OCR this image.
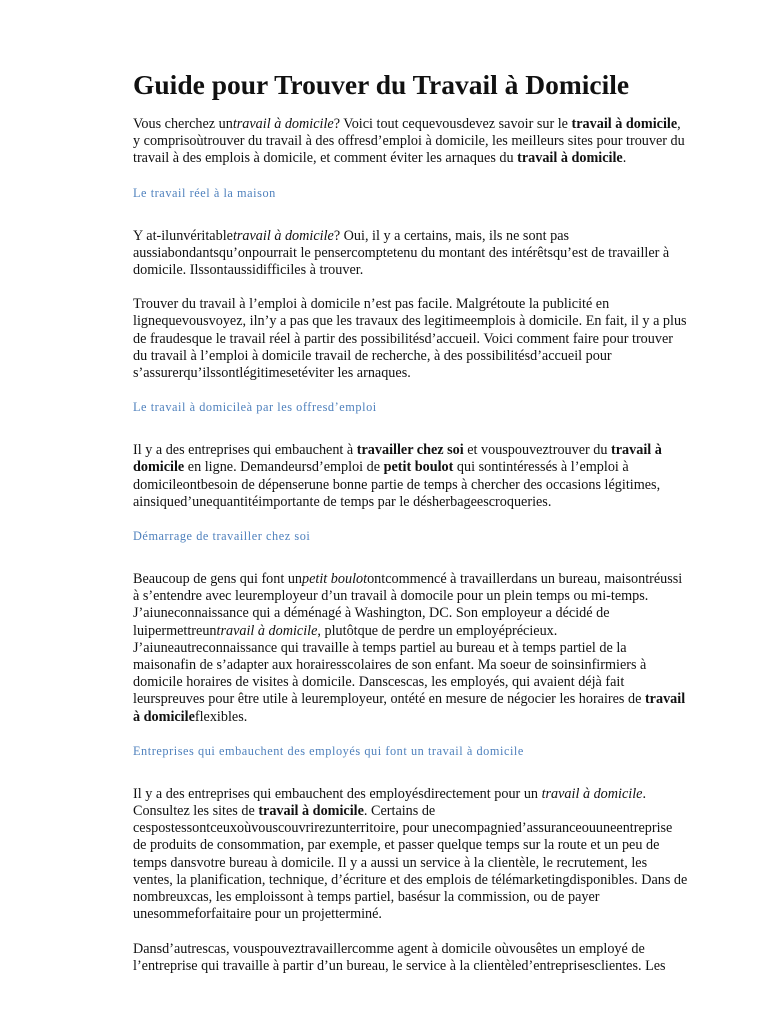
Guide pour Trouver du Travail à Domicile

Vous cherchez untravail à domicile? Voici tout cequevousdevez savoir sur le travail à domicile, y comprisoùtrouver du travail à des offresd’emploi à domicile, les meilleurs sites pour trouver du travail à des emplois à domicile, et comment éviter les arnaques du travail à domicile.

Le travail réel à la maison

Y at-ilunvéritabletravail à domicile? Oui, il y a certains, mais, ils ne sont pas aussiabondantsqu’onpourrait le pensercomptetenu du montant des intérêtsqu’est de travailler à domicile. Ilssontaussidifficiles à trouver.

Trouver du travail à l’emploi à domicile n’est pas facile. Malgrétoute la publicité en lignequevousvoyez, iln’y a pas que les travaux des legitimeemplois à domicile. En fait, il y a plus de fraudesque le travail réel à partir des possibilitésd’accueil. Voici comment faire pour trouver du travail à l’emploi à domicile travail de recherche, à des possibilitésd’accueil pour s’assurerqu’ilssontlégitimesetéviter les arnaques.

Le travail à domicileà par les offresd’emploi

Il y a des entreprises qui embauchent à travailler chez soi et vouspouveztrouver du travail à domicile en ligne. Demandeursd’emploi de petit boulot qui sontintéressés à l’emploi à domicileontbesoin de dépenserune bonne partie de temps à chercher des occasions légitimes, ainsiqued’unequantitéimportante de temps par le désherbageescroqueries.

Démarrage de travailler chez soi

Beaucoup de gens qui font unpetit boulotontcommencé à travaillerdans un bureau, maisontréussi à s’entendre avec leuremployeur d’un travail à domocile pour un plein temps ou mi-temps. J’aiuneconnaissance qui a déménagé à Washington, DC. Son employeur a décidé de luipermettreuntravail à domicile, plutôtque de perdre un employéprécieux. J’aiuneautreconnaissance qui travaille à temps partiel au bureau et à temps partiel de la maisonafin de s’adapter aux horairesscolaires de son enfant. Ma soeur de soinsinfirmiers à domicile horaires de visites à domicile. Danscescas, les employés, qui avaient déjà fait leurspreuves pour être utile à leuremployeur, ontété en mesure de négocier les horaires de travail à domicileflexibles.

Entreprises qui embauchent des employés qui font un travail à domicile

Il y a des entreprises qui embauchent des employésdirectement pour un travail à domicile. Consultez les sites de travail à domicile. Certains de cespostessontceuxoùvouscouvrirezunterritoire, pour unecompagnied’assuranceouuneentreprise de produits de consommation, par exemple, et passer quelque temps sur la route et un peu de temps dansvotre bureau à domicile. Il y a aussi un service à la clientèle, le recrutement, les ventes, la planification, technique, d’écriture et des emplois de télémarketingdisponibles. Dans de nombreuxcas, les emploissont à temps partiel, basésur la commission, ou de payer unesommeforfaitaire pour un projetterminé.

Dansd’autrescas, vouspouveztravaillercomme agent à domicile oùvousêtes un employé de l’entreprise qui travaille à partir d’un bureau, le service à la clientèled’entreprisesclientes. Les
